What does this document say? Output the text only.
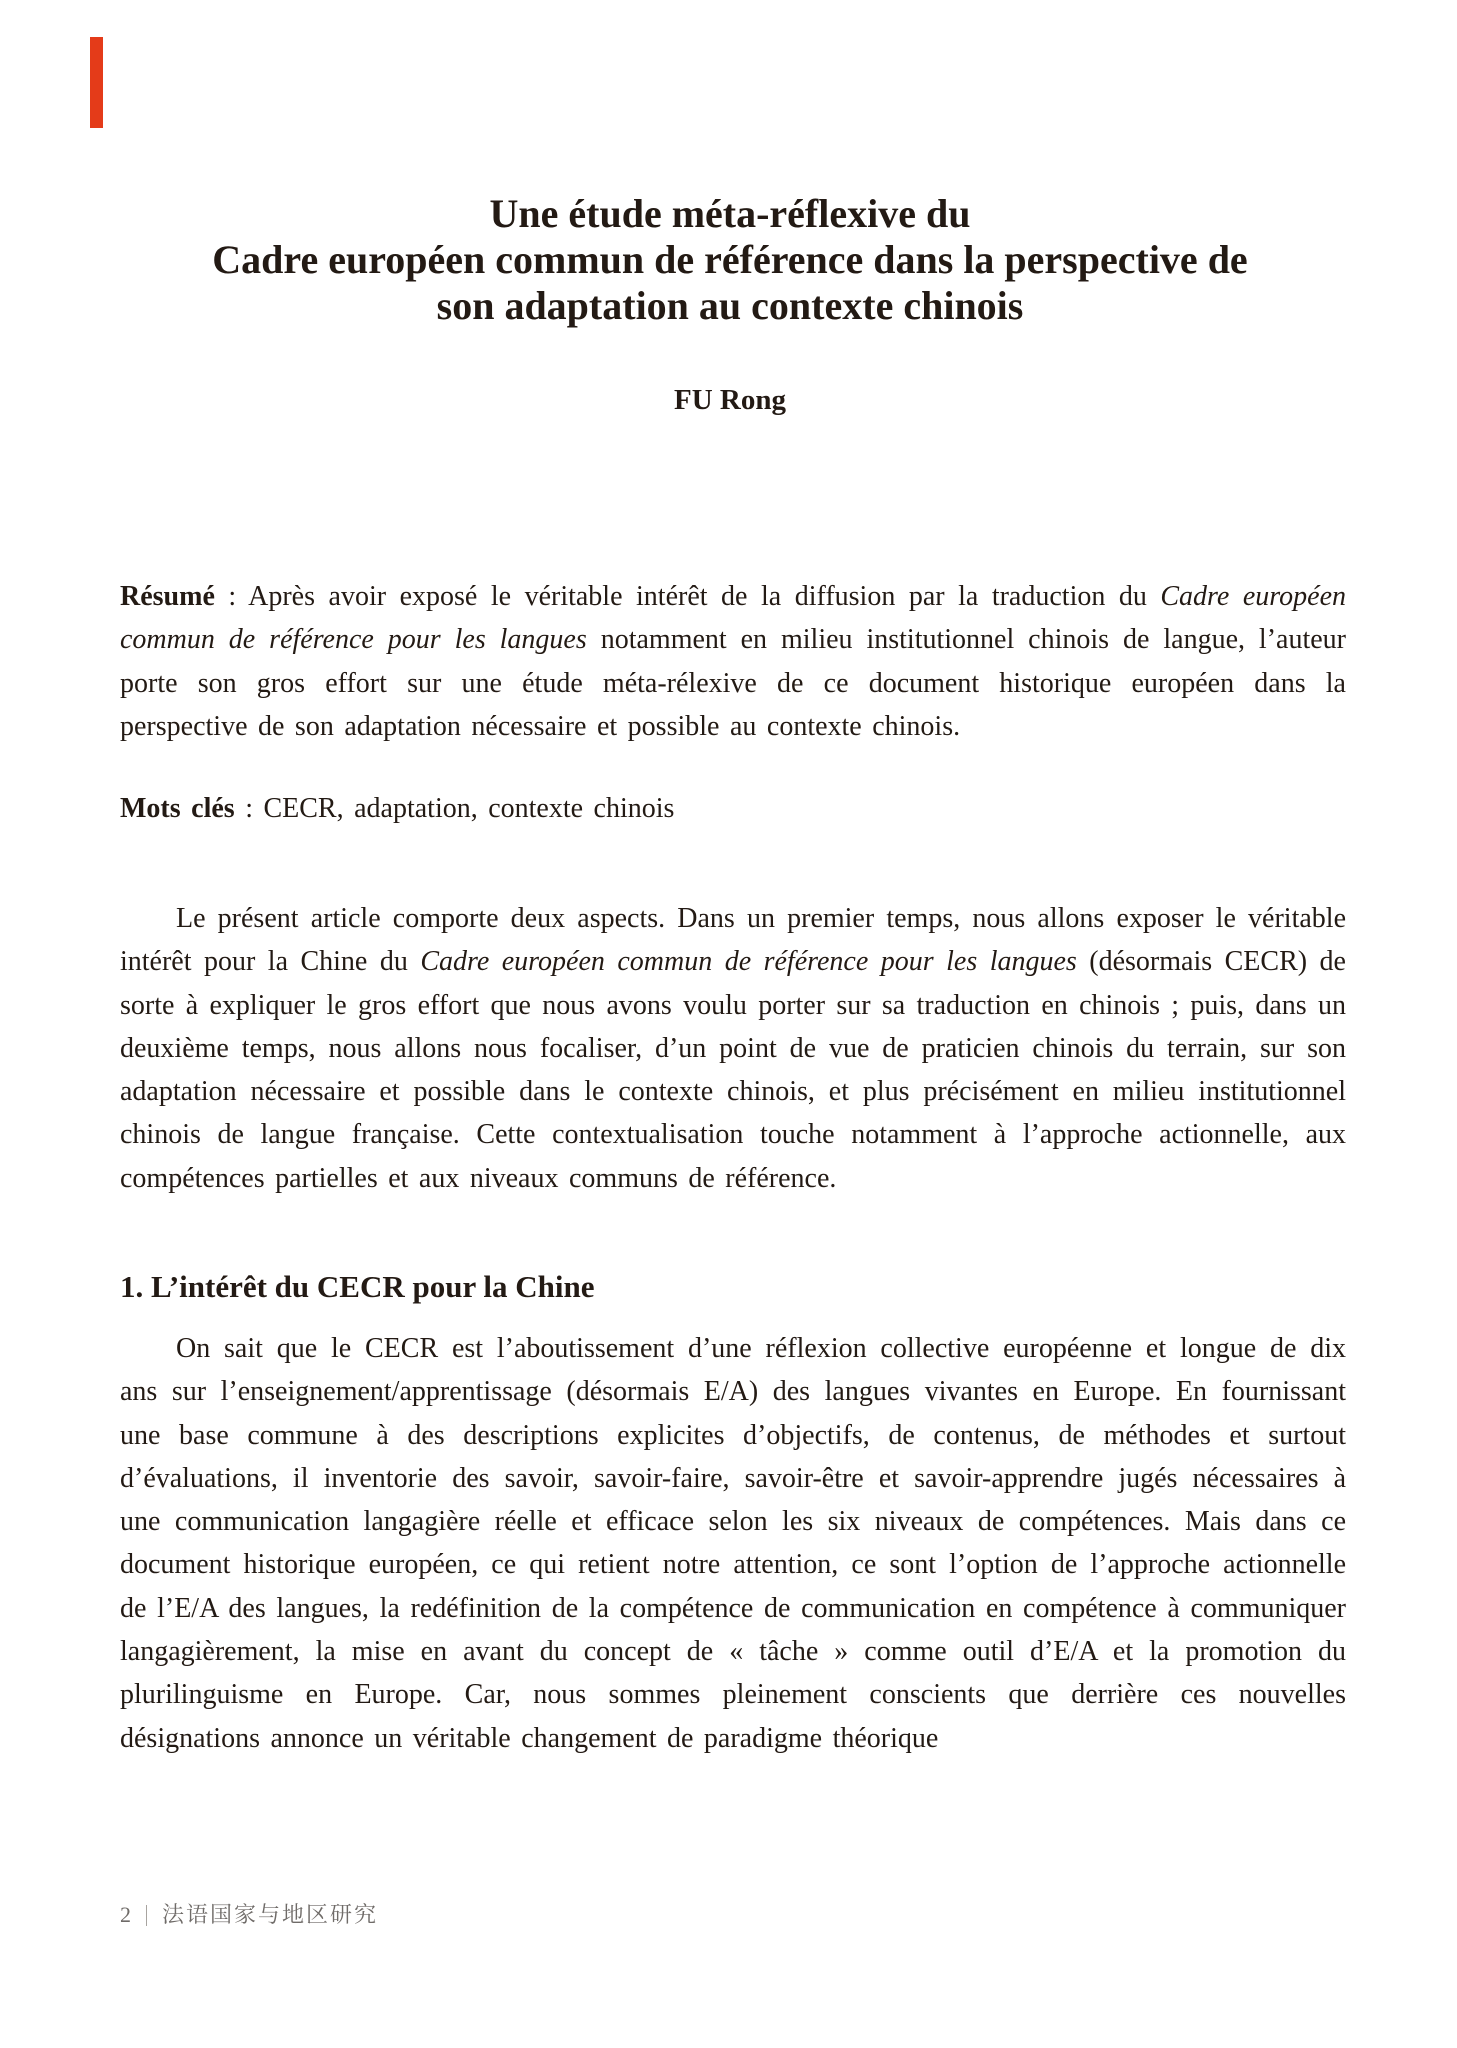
Une étude méta-réflexive du
Cadre européen commun de référence dans la perspective de
son adaptation au contexte chinois
FU Rong

Résumé : Après avoir exposé le véritable intérêt de la diffusion par la traduction du Cadre européen commun de référence pour les langues notamment en milieu institutionnel chinois de langue, l’auteur porte son gros effort sur une étude méta-rélexive de ce document historique européen dans la perspective de son adaptation nécessaire et possible au contexte chinois.

Mots clés : CECR, adaptation, contexte chinois

Le présent article comporte deux aspects. Dans un premier temps, nous allons exposer le véritable intérêt pour la Chine du Cadre européen commun de référence pour les langues (désormais CECR) de sorte à expliquer le gros effort que nous avons voulu porter sur sa traduction en chinois ; puis, dans un deuxième temps, nous allons nous focaliser, d’un point de vue de praticien chinois du terrain, sur son adaptation nécessaire et possible dans le contexte chinois, et plus précisément en milieu institutionnel chinois de langue française. Cette contextualisation touche notamment à l’approche actionnelle, aux compétences partielles et aux niveaux communs de référence.

1. L’intérêt du CECR pour la Chine

On sait que le CECR est l’aboutissement d’une réflexion collective européenne et longue de dix ans sur l’enseignement/apprentissage (désormais E/A) des langues vivantes en Europe. En fournissant une base commune à des descriptions explicites d’objectifs, de contenus, de méthodes et surtout d’évaluations, il inventorie des savoir, savoir-faire, savoir-être et savoir-apprendre jugés nécessaires à une communication langagière réelle et efficace selon les six niveaux de compétences. Mais dans ce document historique européen, ce qui retient notre attention, ce sont l’option de l’approche actionnelle de l’E/A des langues, la redéfinition de la compétence de communication en compétence à communiquer langagièrement, la mise en avant du concept de « tâche » comme outil d’E/A et la promotion du plurilinguisme en Europe. Car, nous sommes pleinement conscients que derrière ces nouvelles désignations annonce un véritable changement de paradigme théorique

2 法语国家与地区研究
